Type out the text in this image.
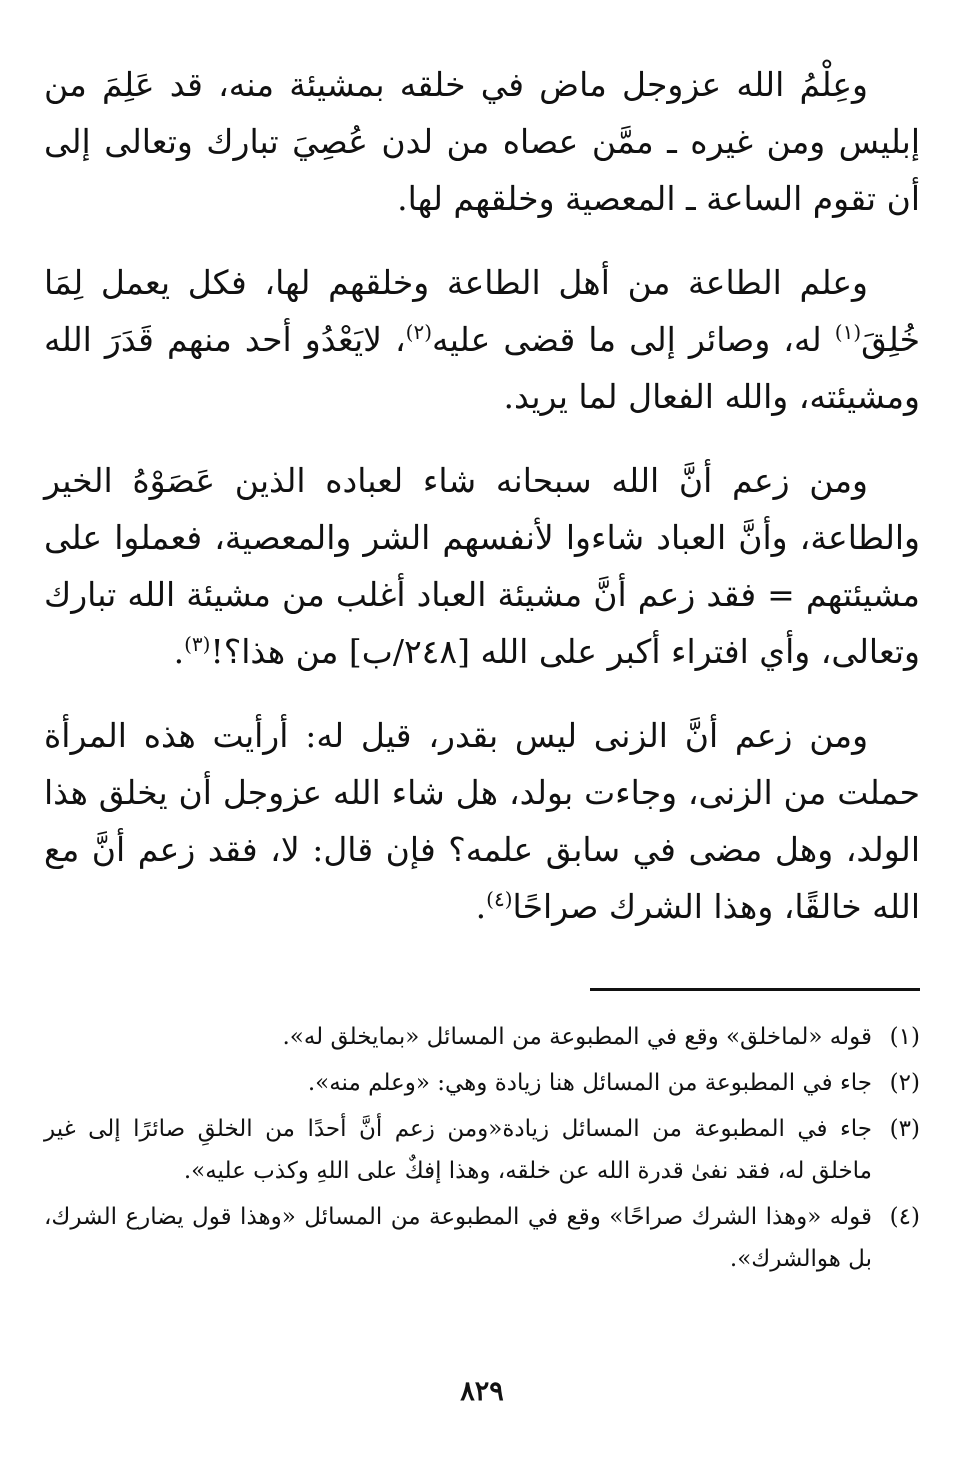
وعِلْمُ الله عزوجل ماض في خلقه بمشيئة منه، قد عَلِمَ من إبليس ومن غيره ـ ممَّن عصاه من لدن عُصِيَ تبارك وتعالى إلى أن تقوم الساعة ـ المعصية وخلقهم لها.

وعلم الطاعة من أهل الطاعة وخلقهم لها، فكل يعمل لِمَا خُلِقَ$^{(١)}$ له، وصائر إلى ما قضى عليه$^{(٢)}$، لايَعْدُو أحد منهم قَدَرَ الله ومشيئته، والله الفعال لما يريد.

ومن زعم أنَّ الله سبحانه شاء لعباده الذين عَصَوْهُ الخير والطاعة، وأنَّ العباد شاءوا لأنفسهم الشر والمعصية، فعملوا على مشيئتهم = فقد زعم أنَّ مشيئة العباد أغلب من مشيئة الله تبارك وتعالى، وأي افتراء أكبر على الله [٢٤٨/ب] من هذا؟!$^{(٣)}$.

ومن زعم أنَّ الزنى ليس بقدر، قيل له: أرأيت هذه المرأة حملت من الزنى، وجاءت بولد، هل شاء الله عزوجل أن يخلق هذا الولد، وهل مضى في سابق علمه؟ فإن قال: لا، فقد زعم أنَّ مع الله خالقًا، وهذا الشرك صراحًا$^{(٤)}$.

(١)
قوله «لماخلق» وقع في المطبوعة من المسائل «بمايخلق له».
(٢)
جاء في المطبوعة من المسائل هنا زيادة وهي: «وعلم منه».
(٣)
جاء في المطبوعة من المسائل زيادة«ومن زعم أنَّ أحدًا من الخلقِ صائرًا إلى غير ماخلق له، فقد نفىٰ قدرة الله عن خلقه، وهذا إفكٌ على اللهِ وكذب عليه».
(٤)
قوله «وهذا الشرك صراحًا» وقع في المطبوعة من المسائل «وهذا قول يضارع الشرك، بل هوالشرك».
٨٢٩
